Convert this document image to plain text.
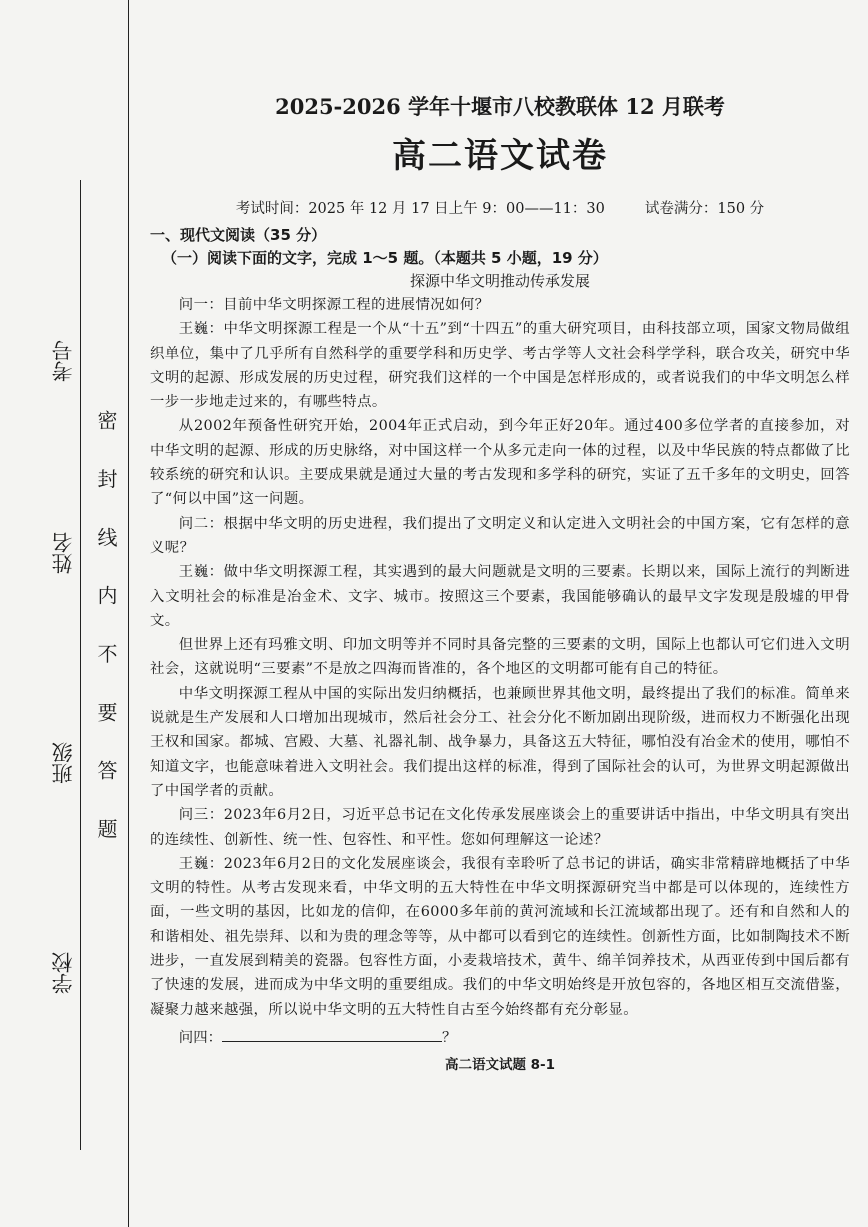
考号
姓名
班级
学校
密 封 线 内 不 要 答 题
2025-2026 学年十堰市八校教联体 12 月联考
高二语文试卷
考试时间：2025 年 12 月 17 日上午 9：00——11：30	试卷满分：150 分
一、现代文阅读（35 分）
（一）阅读下面的文字，完成 1～5 题。（本题共 5 小题，19 分）
探源中华文明推动传承发展

问一：目前中华文明探源工程的进展情况如何？

王巍：中华文明探源工程是一个从“十五”到“十四五”的重大研究项目，由科技部立项，国家文物局做组织单位，集中了几乎所有自然科学的重要学科和历史学、考古学等人文社会科学学科，联合攻关，研究中华文明的起源、形成发展的历史过程，研究我们这样的一个中国是怎样形成的，或者说我们的中华文明怎么样一步一步地走过来的，有哪些特点。

从2002年预备性研究开始，2004年正式启动，到今年正好20年。通过400多位学者的直接参加，对中华文明的起源、形成的历史脉络，对中国这样一个从多元走向一体的过程，以及中华民族的特点都做了比较系统的研究和认识。主要成果就是通过大量的考古发现和多学科的研究，实证了五千多年的文明史，回答了“何以中国”这一问题。

问二：根据中华文明的历史进程，我们提出了文明定义和认定进入文明社会的中国方案，它有怎样的意义呢？

王巍：做中华文明探源工程，其实遇到的最大问题就是文明的三要素。长期以来，国际上流行的判断进入文明社会的标准是冶金术、文字、城市。按照这三个要素，我国能够确认的最早文字发现是殷墟的甲骨文。

但世界上还有玛雅文明、印加文明等并不同时具备完整的三要素的文明，国际上也都认可它们进入文明社会，这就说明“三要素”不是放之四海而皆准的，各个地区的文明都可能有自己的特征。

中华文明探源工程从中国的实际出发归纳概括，也兼顾世界其他文明，最终提出了我们的标准。简单来说就是生产发展和人口增加出现城市，然后社会分工、社会分化不断加剧出现阶级，进而权力不断强化出现王权和国家。都城、宫殿、大墓、礼器礼制、战争暴力，具备这五大特征，哪怕没有冶金术的使用，哪怕不知道文字，也能意味着进入文明社会。我们提出这样的标准，得到了国际社会的认可，为世界文明起源做出了中国学者的贡献。

问三：2023年6月2日，习近平总书记在文化传承发展座谈会上的重要讲话中指出，中华文明具有突出的连续性、创新性、统一性、包容性、和平性。您如何理解这一论述？

王巍：2023年6月2日的文化发展座谈会，我很有幸聆听了总书记的讲话，确实非常精辟地概括了中华文明的特性。从考古发现来看，中华文明的五大特性在中华文明探源研究当中都是可以体现的，连续性方面，一些文明的基因，比如龙的信仰，在6000多年前的黄河流域和长江流域都出现了。还有和自然和人的和谐相处、祖先崇拜、以和为贵的理念等等，从中都可以看到它的连续性。创新性方面，比如制陶技术不断进步，一直发展到精美的瓷器。包容性方面，小麦栽培技术，黄牛、绵羊饲养技术，从西亚传到中国后都有了快速的发展，进而成为中华文明的重要组成。我们的中华文明始终是开放包容的，各地区相互交流借鉴，凝聚力越来越强，所以说中华文明的五大特性自古至今始终都有充分彰显。

问四：	？
高二语文试题 8-1
